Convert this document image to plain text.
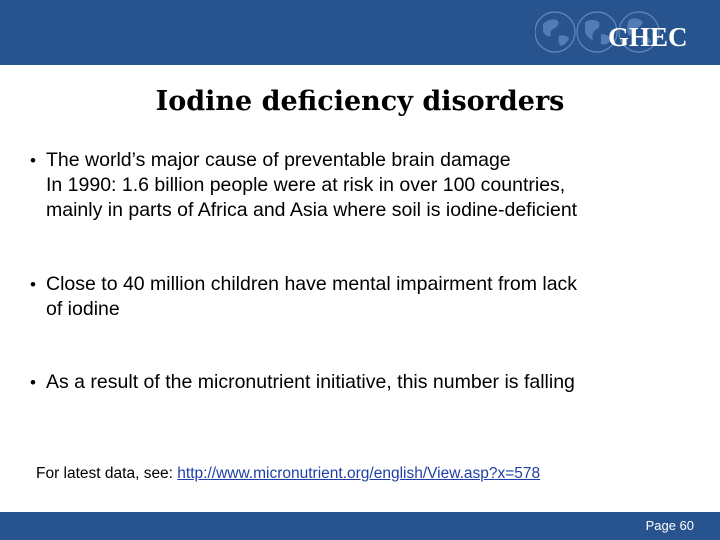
GHEC
Iodine deficiency disorders
• The world’s major cause of preventable brain damage
In 1990: 1.6 billion people were at risk in over 100 countries,
mainly in parts of Africa and Asia where soil is iodine-deficient
• Close to 40 million children have mental impairment from lack
of iodine
• As a result of the micronutrient initiative, this number is falling
For latest data, see: http://www.micronutrient.org/english/View.asp?x=578
Page 60
